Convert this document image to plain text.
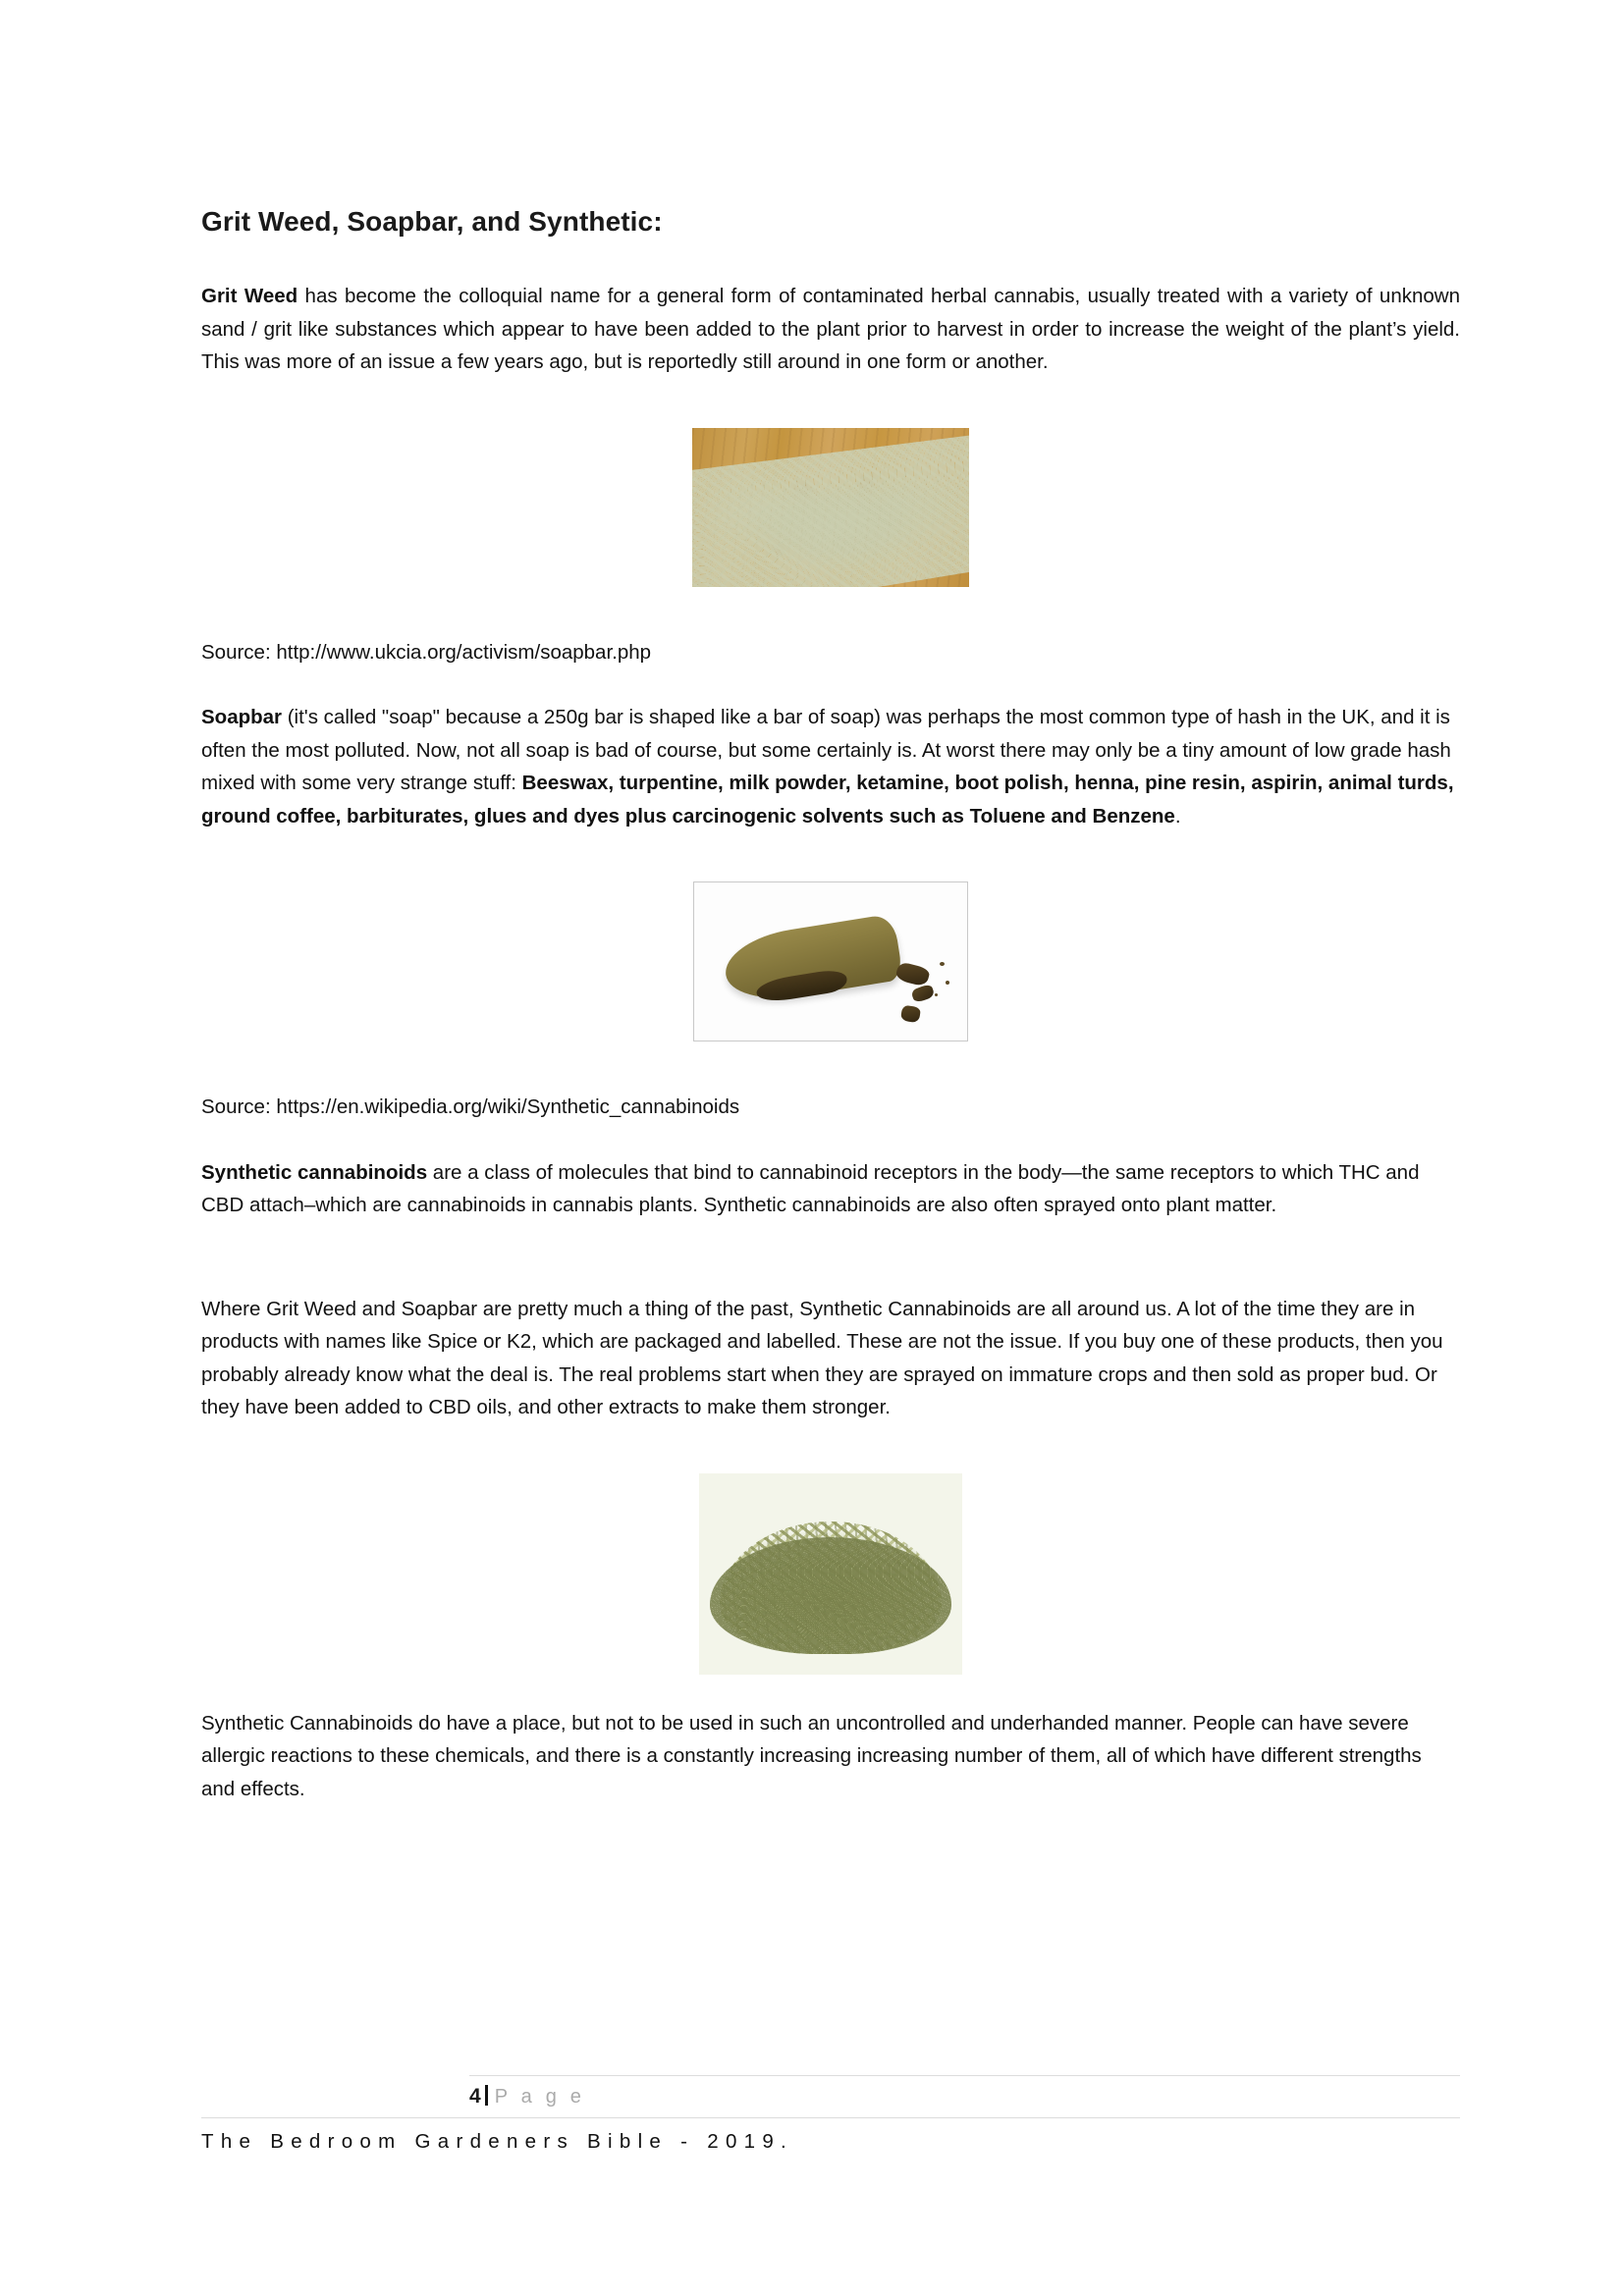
Grit Weed, Soapbar, and Synthetic:

Grit Weed has become the colloquial name for a general form of contaminated herbal cannabis, usually treated with a variety of unknown sand / grit like substances which appear to have been added to the plant prior to harvest in order to increase the weight of the plant’s yield. This was more of an issue a few years ago, but is reportedly still around in one form or another.

Source: http://www.ukcia.org/activism/soapbar.php

Soapbar (it's called "soap" because a 250g bar is shaped like a bar of soap) was perhaps the most common type of hash in the UK, and it is often the most polluted. Now, not all soap is bad of course, but some certainly is. At worst there may only be a tiny amount of low grade hash mixed with some very strange stuff: Beeswax, turpentine, milk powder, ketamine, boot polish, henna, pine resin, aspirin, animal turds, ground coffee, barbiturates, glues and dyes plus carcinogenic solvents such as Toluene and Benzene.

Source: https://en.wikipedia.org/wiki/Synthetic_cannabinoids

Synthetic cannabinoids are a class of molecules that bind to cannabinoid receptors in the body—the same receptors to which THC and CBD attach–which are cannabinoids in cannabis plants. Synthetic cannabinoids are also often sprayed onto plant matter.

Where Grit Weed and Soapbar are pretty much a thing of the past, Synthetic Cannabinoids are all around us. A lot of the time they are in products with names like Spice or K2, which are packaged and labelled. These are not the issue. If you buy one of these products, then you probably already know what the deal is. The real problems start when they are sprayed on immature crops and then sold as proper bud. Or they have been added to CBD oils, and other extracts to make them stronger.

Synthetic Cannabinoids do have a place, but not to be used in such an uncontrolled and underhanded manner. People can have severe allergic reactions to these chemicals, and there is a constantly increasing increasing number of them, all of which have different strengths and effects.

4 P a g e
The Bedroom Gardeners Bible - 2019.
